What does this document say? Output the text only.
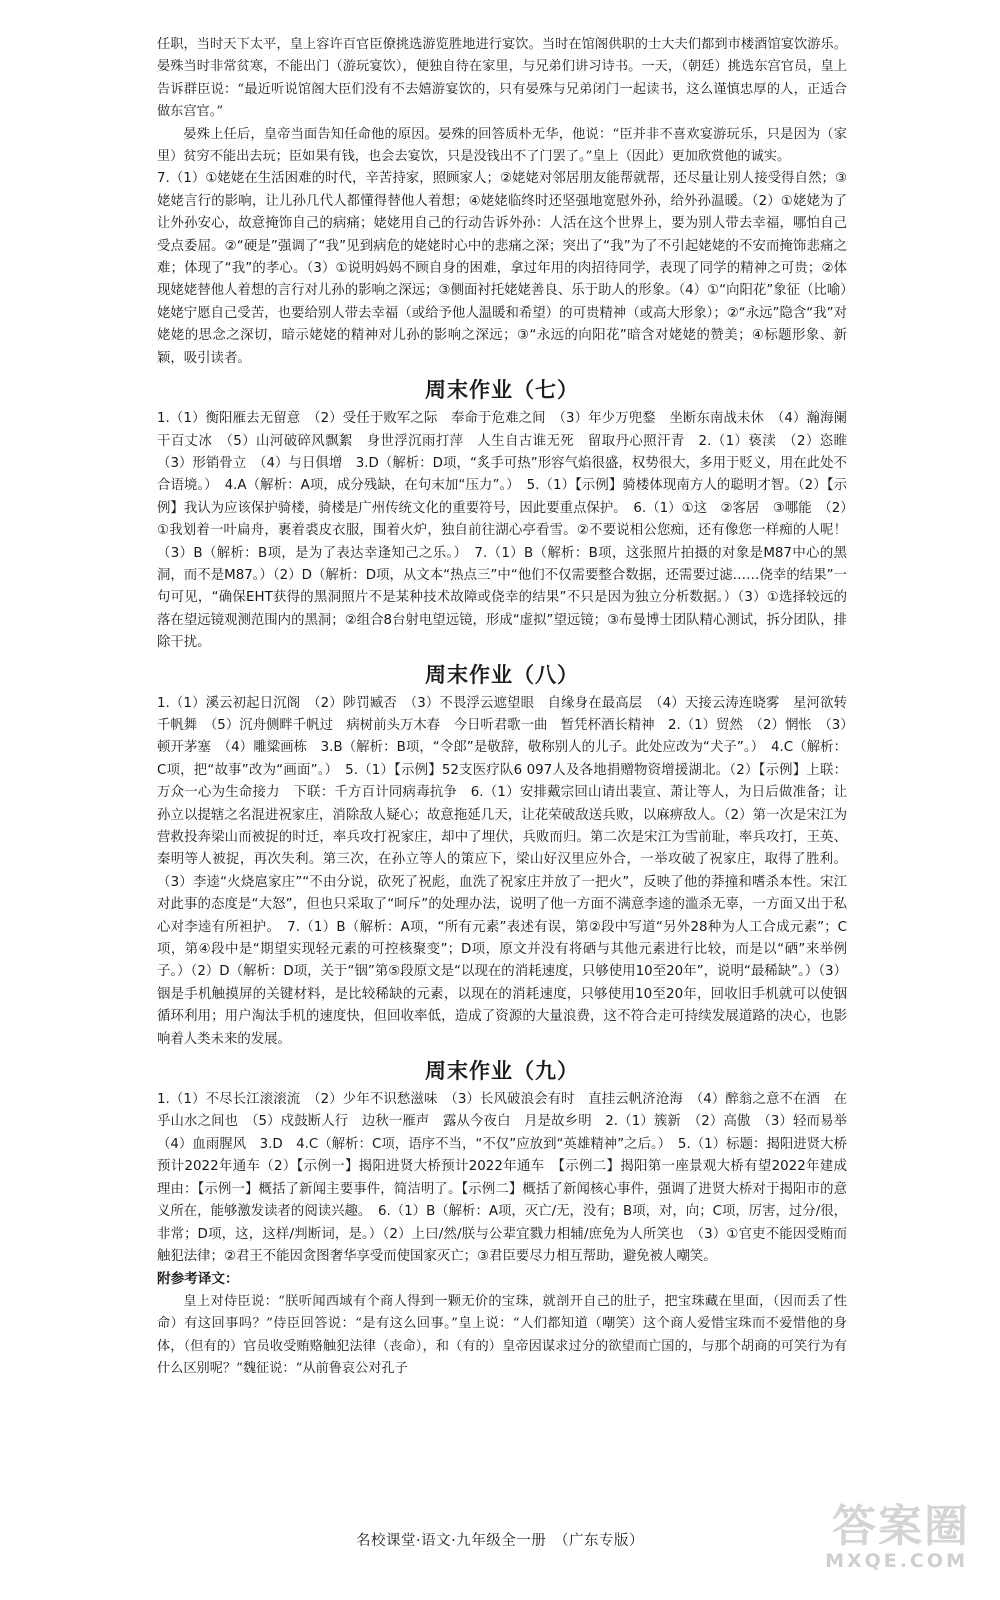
任职，当时天下太平，皇上容许百官臣僚挑选游览胜地进行宴饮。当时在馆阁供职的士大夫们都到市楼酒馆宴饮游乐。晏殊当时非常贫寒，不能出门（游玩宴饮），便独自待在家里，与兄弟们讲习诗书。一天，（朝廷）挑选东宫官员，皇上告诉群臣说：“最近听说馆阁大臣们没有不去嬉游宴饮的，只有晏殊与兄弟闭门一起读书，这么谨慎忠厚的人，正适合做东宫官。”

晏殊上任后，皇帝当面告知任命他的原因。晏殊的回答质朴无华，他说：“臣并非不喜欢宴游玩乐，只是因为（家里）贫穷不能出去玩；臣如果有钱，也会去宴饮，只是没钱出不了门罢了。”皇上（因此）更加欣赏他的诚实。

7.（1）①姥姥在生活困难的时代，辛苦持家，照顾家人；②姥姥对邻居朋友能帮就帮，还尽量让别人接受得自然；③姥姥言行的影响，让儿孙几代人都懂得替他人着想；④姥姥临终时还坚强地宽慰外孙，给外孙温暖。（2）①姥姥为了让外孙安心，故意掩饰自己的病痛；姥姥用自己的行动告诉外孙：人活在这个世界上，要为别人带去幸福，哪怕自己受点委屈。②“硬是”强调了“我”见到病危的姥姥时心中的悲痛之深；突出了“我”为了不引起姥姥的不安而掩饰悲痛之难；体现了“我”的孝心。（3）①说明妈妈不顾自身的困难，拿过年用的肉招待同学，表现了同学的精神之可贵；②体现姥姥替他人着想的言行对儿孙的影响之深远；③侧面衬托姥姥善良、乐于助人的形象。（4）①“向阳花”象征（比喻）姥姥宁愿自己受苦，也要给别人带去幸福（或给予他人温暖和希望）的可贵精神（或高大形象）；②“永远”隐含“我”对姥姥的思念之深切，暗示姥姥的精神对儿孙的影响之深远；③“永远的向阳花”暗含对姥姥的赞美；④标题形象、新颖，吸引读者。

周末作业（七）

1.（1）衡阳雁去无留意　（2）受任于败军之际　奉命于危难之间　（3）年少万兜鍪　坐断东南战未休　（4）瀚海阑干百丈冰　（5）山河破碎风飘絮　身世浮沉雨打萍　人生自古谁无死　留取丹心照汗青　2.（1）亵渎　（2）恣睢　（3）形销骨立　（4）与日俱增　3.D（解析：D项，“炙手可热”形容气焰很盛，权势很大，多用于贬义，用在此处不合语境。）　4.A（解析：A项，成分残缺，在句末加“压力”。）　5.（1）【示例】骑楼体现南方人的聪明才智。（2）【示例】我认为应该保护骑楼，骑楼是广州传统文化的重要符号，因此要重点保护。　6.（1）①这　②客居　③哪能　（2）①我划着一叶扁舟，裹着裘皮衣服，围着火炉，独自前往湖心亭看雪。②不要说相公您痴，还有像您一样痴的人呢！（3）B（解析：B项，是为了表达幸逢知己之乐。）　7.（1）B（解析：B项，这张照片拍摄的对象是M87中心的黑洞，而不是M87。）（2）D（解析：D项，从文本“热点三”中“他们不仅需要整合数据，还需要过滤……侥幸的结果”一句可见，“确保EHT获得的黑洞照片不是某种技术故障或侥幸的结果”不只是因为独立分析数据。）（3）①选择较远的落在望远镜观测范围内的黑洞；②组合8台射电望远镜，形成“虚拟”望远镜；③布曼博士团队精心测试，拆分团队，排除干扰。

周末作业（八）

1.（1）溪云初起日沉阁　（2）陟罚臧否　（3）不畏浮云遮望眼　自缘身在最高层　（4）天接云涛连晓雾　星河欲转千帆舞　（5）沉舟侧畔千帆过　病树前头万木春　今日听君歌一曲　暂凭杯酒长精神　2.（1）贸然　（2）惘怅　（3）顿开茅塞　（4）雕粱画栋　3.B（解析：B项，“令郎”是敬辞，敬称别人的儿子。此处应改为“犬子”。）　4.C（解析：C项，把“故事”改为“画面”。）　5.（1）【示例】52支医疗队6 097人及各地捐赠物资增援湖北。（2）【示例】上联：万众一心为生命接力　下联：千方百计同病毒抗争　6.（1）安排戴宗回山请出裴宣、萧让等人，为日后做准备；让孙立以提辖之名混进祝家庄，消除敌人疑心；故意拖延几天，让花荣破敌送兵败，以麻痹敌人。（2）第一次是宋江为营救投奔梁山而被捉的时迁，率兵攻打祝家庄，却中了埋伏，兵败而归。第二次是宋江为雪前耻，率兵攻打，王英、秦明等人被捉，再次失利。第三次，在孙立等人的策应下，梁山好汉里应外合，一举攻破了祝家庄，取得了胜利。（3）李逵“火烧扈家庄”“不由分说，砍死了祝彪，血洗了祝家庄并放了一把火”，反映了他的莽撞和嗜杀本性。宋江对此事的态度是“大怒”，但也只采取了“呵斥”的处理办法，说明了他一方面不满意李逵的滥杀无辜，一方面又出于私心对李逵有所袒护。　7.（1）B（解析：A项，“所有元素”表述有误，第②段中写道“另外28种为人工合成元素”；C项，第④段中是“期望实现轻元素的可控核聚变”；D项，原文并没有将硒与其他元素进行比较，而是以“硒”来举例子。）（2）D（解析：D项，关于“铟”第⑤段原文是“以现在的消耗速度，只够使用10至20年”，说明“最稀缺”。）（3）铟是手机触摸屏的关键材料，是比较稀缺的元素，以现在的消耗速度，只够使用10至20年，回收旧手机就可以使铟循环利用；用户淘汰手机的速度快，但回收率低，造成了资源的大量浪费，这不符合走可持续发展道路的决心，也影响着人类未来的发展。

周末作业（九）

1.（1）不尽长江滚滚流　（2）少年不识愁滋味　（3）长风破浪会有时　直挂云帆济沧海　（4）醉翁之意不在酒　在乎山水之间也　（5）戍鼓断人行　边秋一雁声　露从今夜白　月是故乡明　2.（1）簇新　（2）高傲　（3）轻而易举　（4）血雨腥风　3.D　4.C（解析：C项，语序不当，“不仅”应放到“英雄精神”之后。）　5.（1）标题：揭阳进贤大桥预计2022年通车（2）【示例一】揭阳进贤大桥预计2022年通车　【示例二】揭阳第一座景观大桥有望2022年建成　理由：【示例一】概括了新闻主要事件，简洁明了。【示例二】概括了新闻核心事件，强调了进贤大桥对于揭阳市的意义所在，能够激发读者的阅读兴趣。　6.（1）B（解析：A项，灭亡/无，没有；B项，对，向；C项，厉害，过分/很，非常；D项，这，这样/判断词，是。）（2）上曰/然/朕与公辈宜戮力相辅/庶免为人所笑也　（3）①官吏不能因受贿而触犯法律；②君王不能因贪图奢华享受而使国家灭亡；③君臣要尽力相互帮助，避免被人嘲笑。

附参考译文：

皇上对侍臣说：“朕听闻西域有个商人得到一颗无价的宝珠，就剖开自己的肚子，把宝珠藏在里面，（因而丢了性命）有这回事吗？”侍臣回答说：“是有这么回事。”皇上说：“人们都知道（嘲笑）这个商人爱惜宝珠而不爱惜他的身体，（但有的）官员收受贿赂触犯法律（丧命），和（有的）皇帝因谋求过分的欲望而亡国的，与那个胡商的可笑行为有什么区别呢？”魏征说：“从前鲁哀公对孔子

名校课堂·语文·九年级全一册　（广东专版）	答案圈
MXQE.COM
